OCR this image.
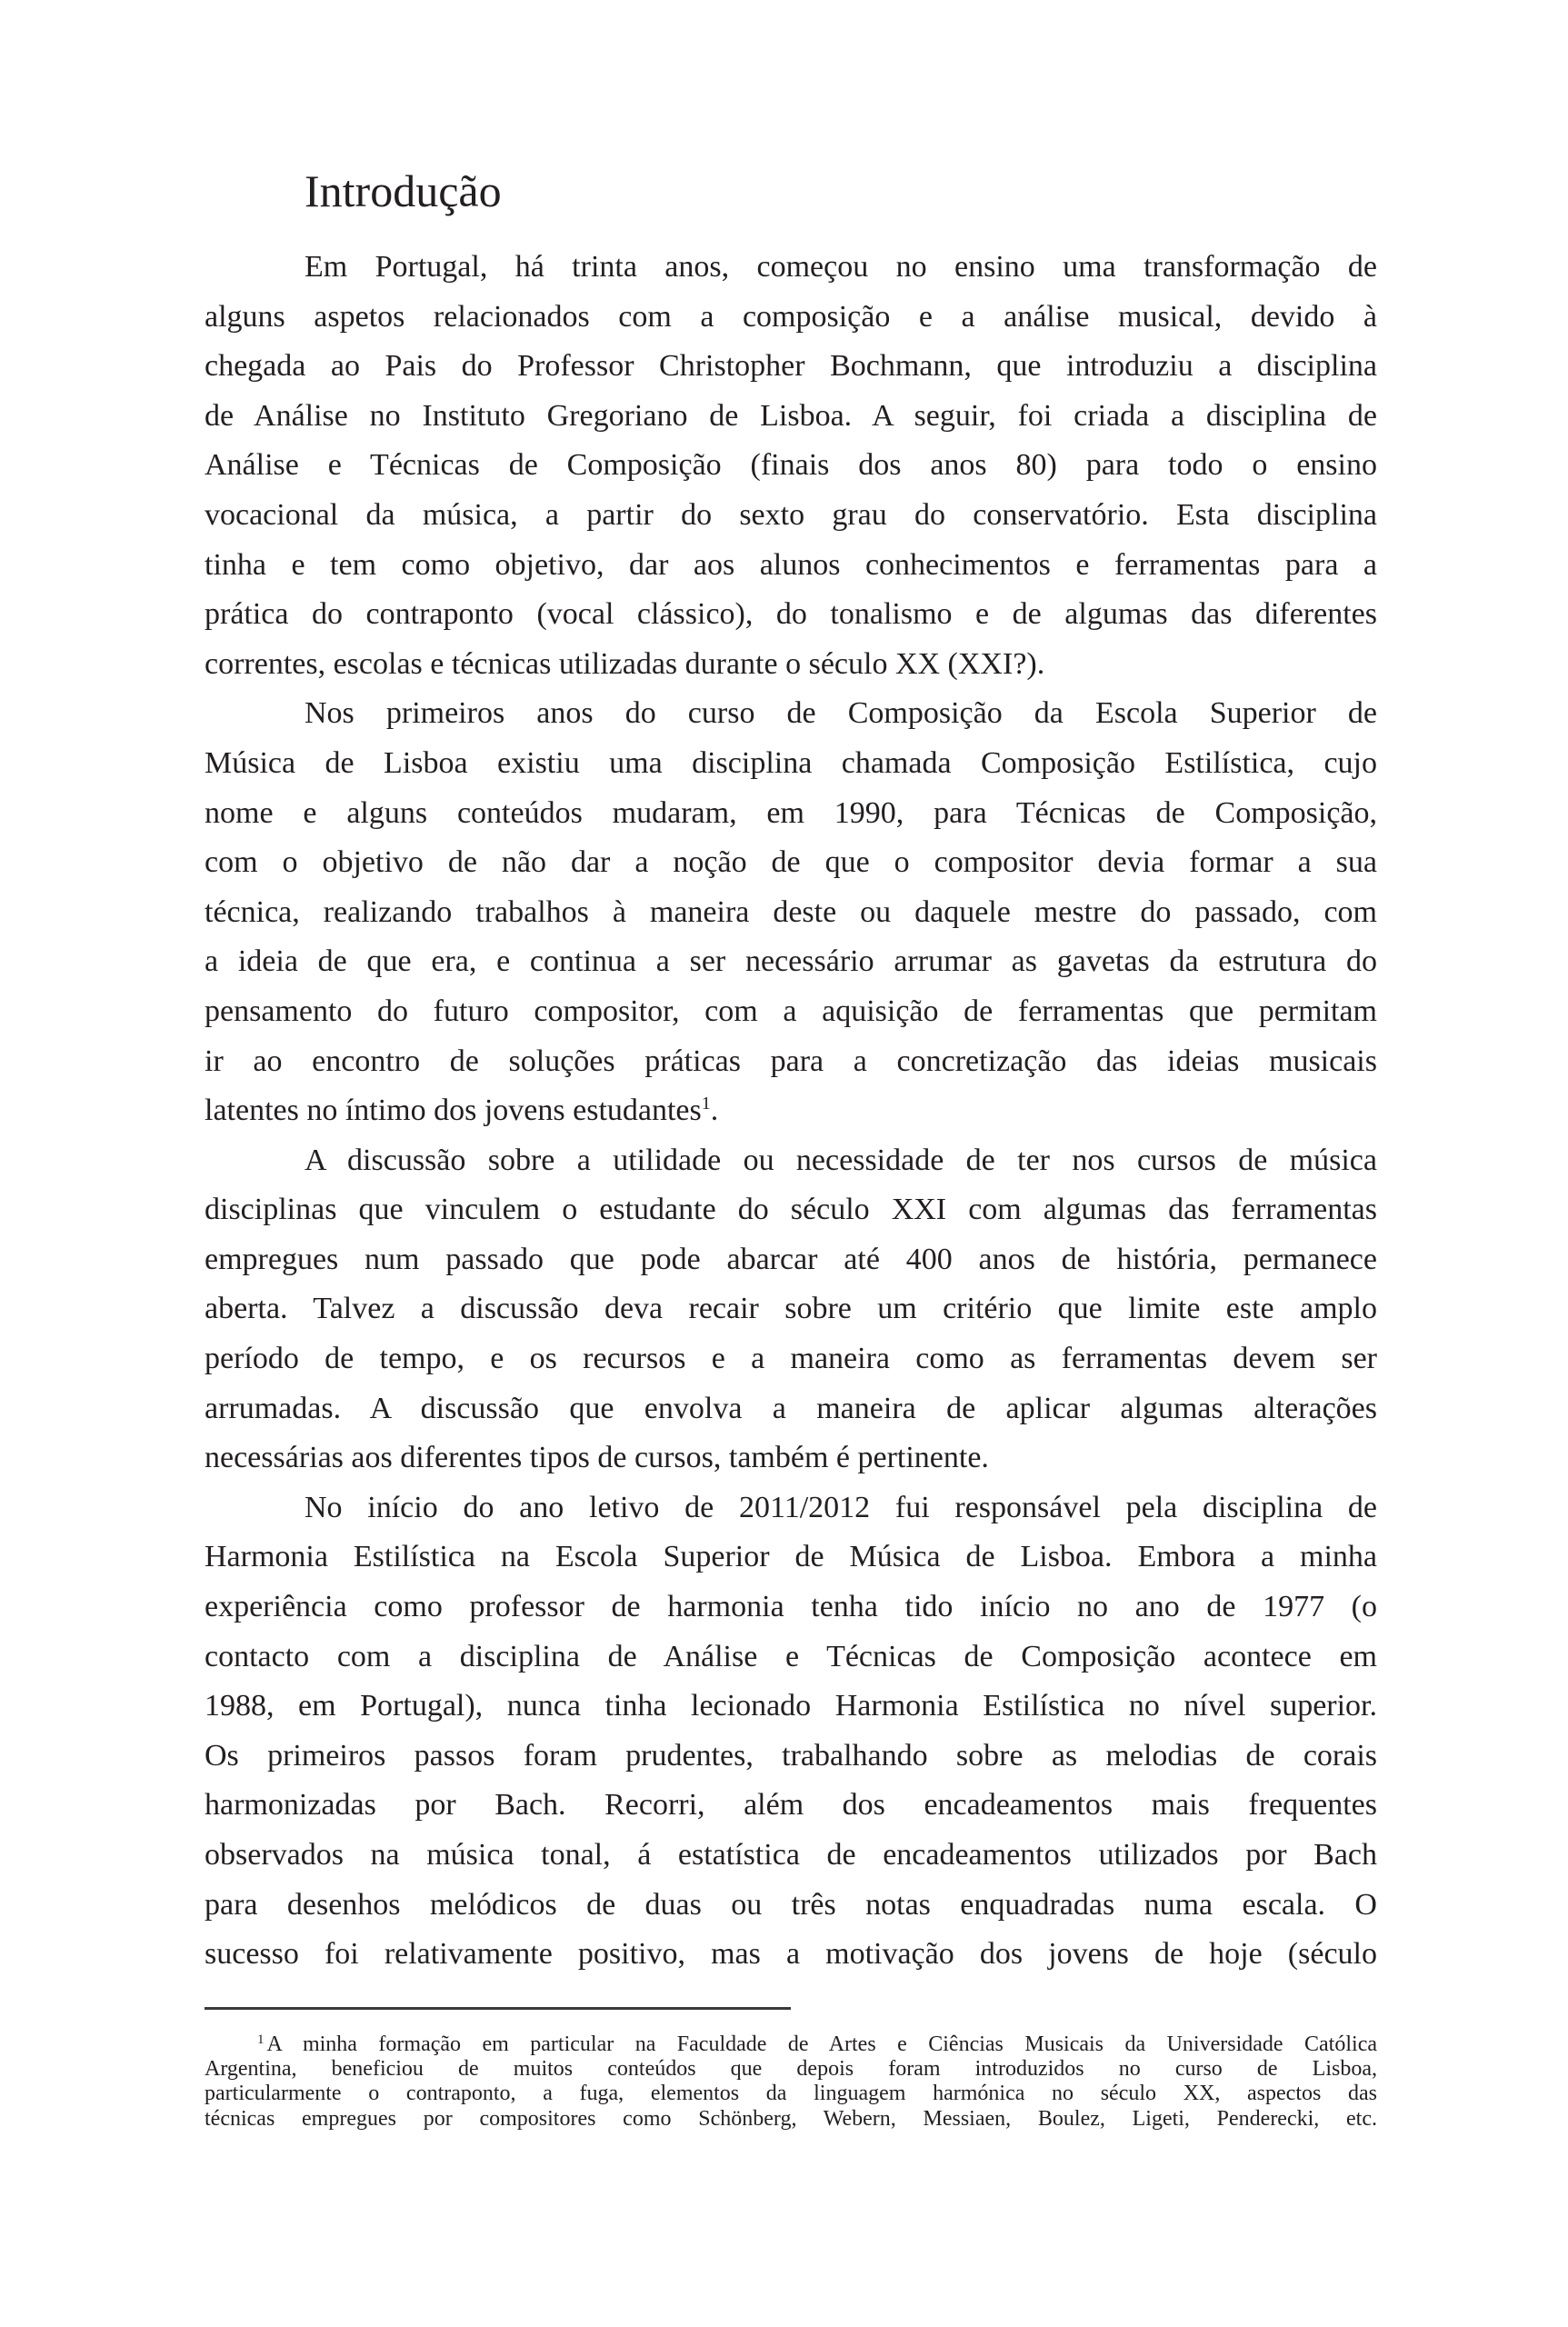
Introdução
Em Portugal, há trinta anos, começou no ensino uma transformação de
alguns aspetos relacionados com a composição e a análise musical, devido à
chegada ao Pais do Professor Christopher Bochmann, que introduziu a disciplina
de Análise no Instituto Gregoriano de Lisboa. A seguir, foi criada a disciplina de
Análise e Técnicas de Composição (finais dos anos 80) para todo o ensino
vocacional da música, a partir do sexto grau do conservatório. Esta disciplina
tinha e tem como objetivo, dar aos alunos conhecimentos e ferramentas para a
prática do contraponto (vocal clássico), do tonalismo e de algumas das diferentes
correntes, escolas e técnicas utilizadas durante o século XX (XXI?).
Nos primeiros anos do curso de Composição da Escola Superior de
Música de Lisboa existiu uma disciplina chamada Composição Estilística, cujo
nome e alguns conteúdos mudaram, em 1990, para Técnicas de Composição,
com o objetivo de não dar a noção de que o compositor devia formar a sua
técnica, realizando trabalhos à maneira deste ou daquele mestre do passado, com
a ideia de que era, e continua a ser necessário arrumar as gavetas da estrutura do
pensamento do futuro compositor, com a aquisição de ferramentas que permitam
ir ao encontro de soluções práticas para a concretização das ideias musicais
latentes no íntimo dos jovens estudantes$^1$.
A discussão sobre a utilidade ou necessidade de ter nos cursos de música
disciplinas que vinculem o estudante do século XXI com algumas das ferramentas
empregues num passado que pode abarcar até 400 anos de história, permanece
aberta. Talvez a discussão deva recair sobre um critério que limite este amplo
período de tempo, e os recursos e a maneira como as ferramentas devem ser
arrumadas. A discussão que envolva a maneira de aplicar algumas alterações
necessárias aos diferentes tipos de cursos, também é pertinente.
No início do ano letivo de 2011/2012 fui responsável pela disciplina de
Harmonia Estilística na Escola Superior de Música de Lisboa. Embora a minha
experiência como professor de harmonia tenha tido início no ano de 1977 (o
contacto com a disciplina de Análise e Técnicas de Composição acontece em
1988, em Portugal), nunca tinha lecionado Harmonia Estilística no nível superior.
Os primeiros passos foram prudentes, trabalhando sobre as melodias de corais
harmonizadas por Bach. Recorri, além dos encadeamentos mais frequentes
observados na música tonal, á estatística de encadeamentos utilizados por Bach
para desenhos melódicos de duas ou três notas enquadradas numa escala. O
sucesso foi relativamente positivo, mas a motivação dos jovens de hoje (século
$^1$ A minha formação em particular na Faculdade de Artes e Ciências Musicais da Universidade Católica
Argentina, beneficiou de muitos conteúdos que depois foram introduzidos no curso de Lisboa,
particularmente o contraponto, a fuga, elementos da linguagem harmónica no século XX, aspectos das
técnicas empregues por compositores como Schönberg, Webern, Messiaen, Boulez, Ligeti, Penderecki, etc.
